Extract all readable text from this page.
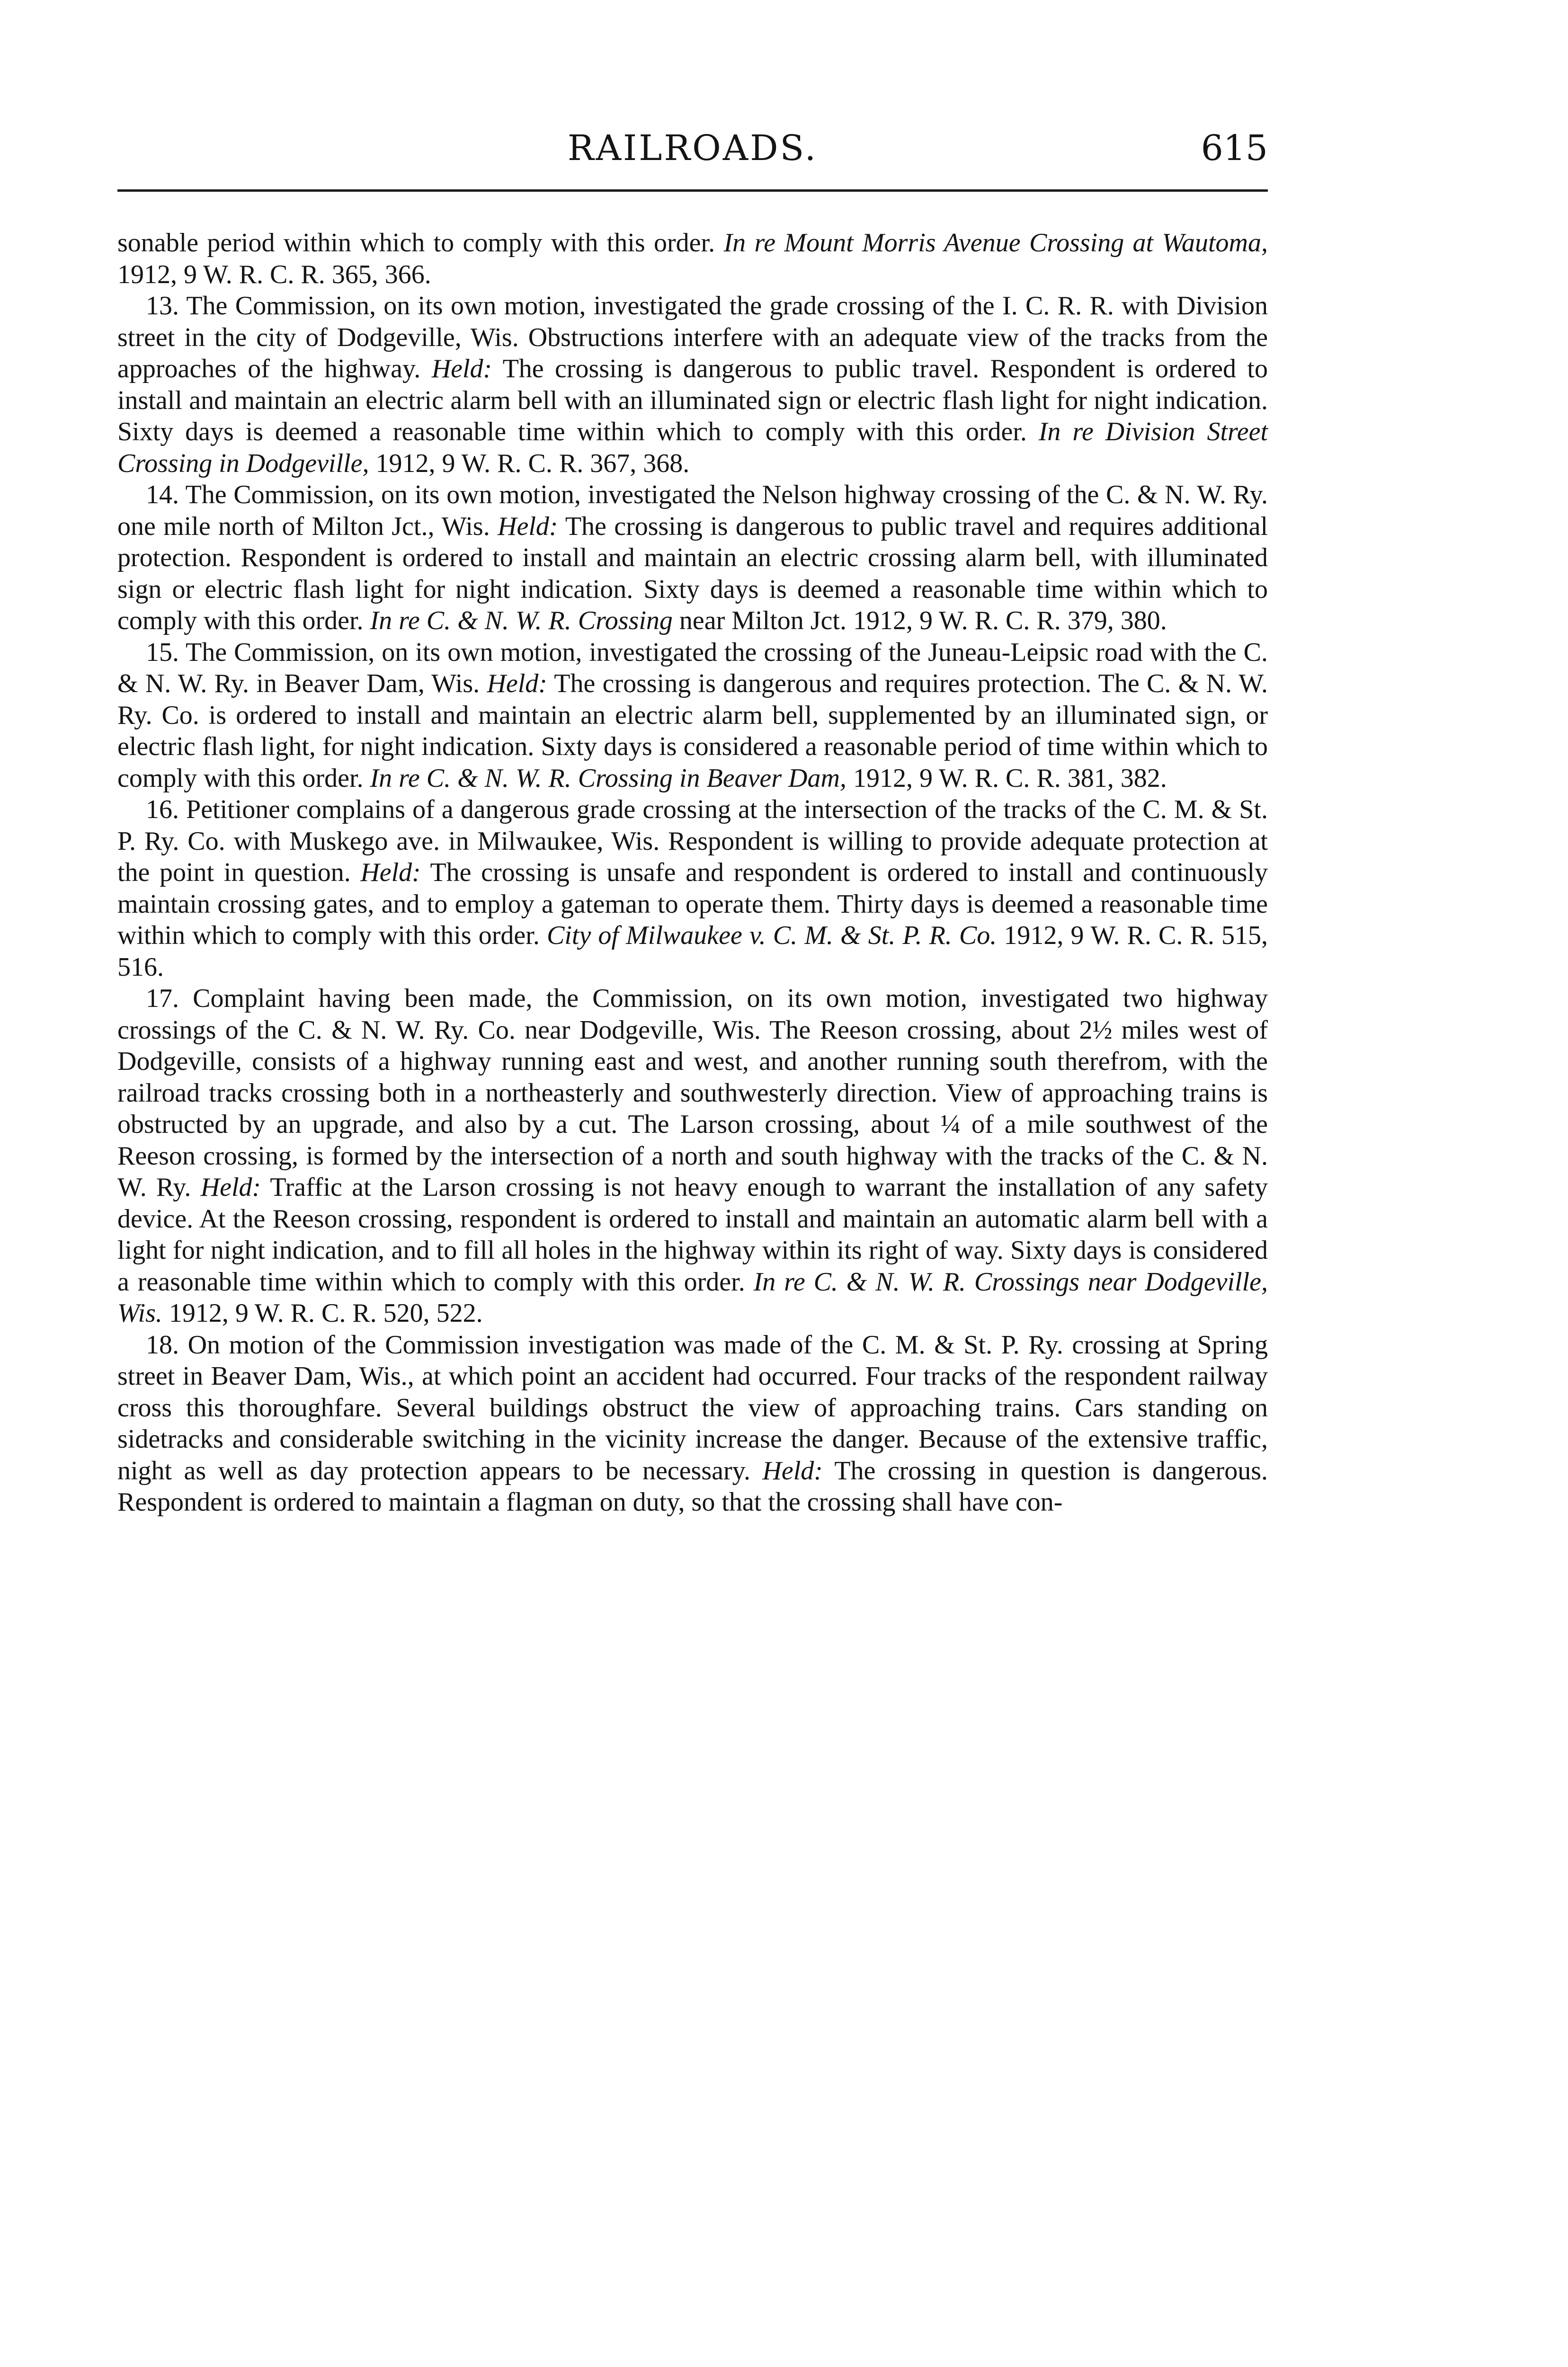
RAILROADS.	615

sonable period within which to comply with this order. In re Mount Morris Avenue Crossing at Wautoma, 1912, 9 W. R. C. R. 365, 366.

13. The Commission, on its own motion, investigated the grade crossing of the I. C. R. R. with Division street in the city of Dodgeville, Wis. Obstructions interfere with an adequate view of the tracks from the approaches of the highway. Held: The crossing is dangerous to public travel. Respondent is ordered to install and maintain an electric alarm bell with an illuminated sign or electric flash light for night indication. Sixty days is deemed a reasonable time within which to comply with this order. In re Division Street Crossing in Dodgeville, 1912, 9 W. R. C. R. 367, 368.

14. The Commission, on its own motion, investigated the Nelson highway crossing of the C. & N. W. Ry. one mile north of Milton Jct., Wis. Held: The crossing is dangerous to public travel and requires additional protection. Respondent is ordered to install and maintain an electric crossing alarm bell, with illuminated sign or electric flash light for night indication. Sixty days is deemed a reasonable time within which to comply with this order. In re C. & N. W. R. Crossing near Milton Jct. 1912, 9 W. R. C. R. 379, 380.

15. The Commission, on its own motion, investigated the crossing of the Juneau-Leipsic road with the C. & N. W. Ry. in Beaver Dam, Wis. Held: The crossing is dangerous and requires protection. The C. & N. W. Ry. Co. is ordered to install and maintain an electric alarm bell, supplemented by an illuminated sign, or electric flash light, for night indication. Sixty days is considered a reasonable period of time within which to comply with this order. In re C. & N. W. R. Crossing in Beaver Dam, 1912, 9 W. R. C. R. 381, 382.

16. Petitioner complains of a dangerous grade crossing at the intersection of the tracks of the C. M. & St. P. Ry. Co. with Muskego ave. in Milwaukee, Wis. Respondent is willing to provide adequate protection at the point in question. Held: The crossing is unsafe and respondent is ordered to install and continuously maintain crossing gates, and to employ a gateman to operate them. Thirty days is deemed a reasonable time within which to comply with this order. City of Milwaukee v. C. M. & St. P. R. Co. 1912, 9 W. R. C. R. 515, 516.

17. Complaint having been made, the Commission, on its own motion, investigated two highway crossings of the C. & N. W. Ry. Co. near Dodgeville, Wis. The Reeson crossing, about 2½ miles west of Dodgeville, consists of a highway running east and west, and another running south therefrom, with the railroad tracks crossing both in a northeasterly and southwesterly direction. View of approaching trains is obstructed by an upgrade, and also by a cut. The Larson crossing, about ¼ of a mile southwest of the Reeson crossing, is formed by the intersection of a north and south highway with the tracks of the C. & N. W. Ry. Held: Traffic at the Larson crossing is not heavy enough to warrant the installation of any safety device. At the Reeson crossing, respondent is ordered to install and maintain an automatic alarm bell with a light for night indication, and to fill all holes in the highway within its right of way. Sixty days is considered a reasonable time within which to comply with this order. In re C. & N. W. R. Crossings near Dodgeville, Wis. 1912, 9 W. R. C. R. 520, 522.

18. On motion of the Commission investigation was made of the C. M. & St. P. Ry. crossing at Spring street in Beaver Dam, Wis., at which point an accident had occurred. Four tracks of the respondent railway cross this thoroughfare. Several buildings obstruct the view of approaching trains. Cars standing on sidetracks and considerable switching in the vicinity increase the danger. Because of the extensive traffic, night as well as day protection appears to be necessary. Held: The crossing in question is dangerous. Respondent is ordered to maintain a flagman on duty, so that the crossing shall have con-
